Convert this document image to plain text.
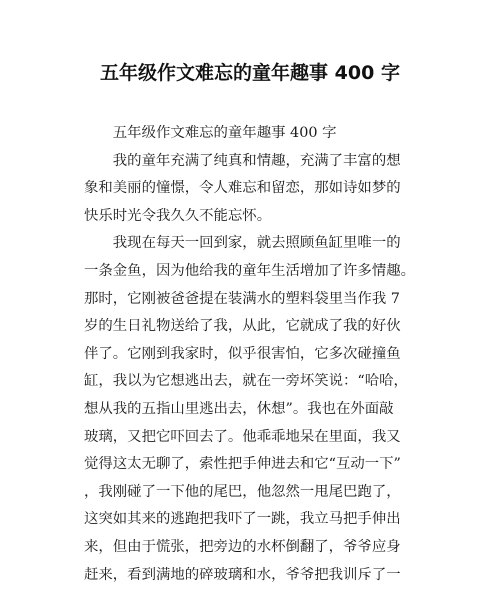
五年级作文难忘的童年趣事 400 字
　　五年级作文难忘的童年趣事 400 字
　　我的童年充满了纯真和情趣，充满了丰富的想
象和美丽的憧憬，令人难忘和留恋，那如诗如梦的
快乐时光令我久久不能忘怀。
　　我现在每天一回到家，就去照顾鱼缸里唯一的
一条金鱼，因为他给我的童年生活增加了许多情趣。
那时，它刚被爸爸提在装满水的塑料袋里当作我 7
岁的生日礼物送给了我，从此，它就成了我的好伙
伴了。它刚到我家时，似乎很害怕，它多次碰撞鱼
缸，我以为它想逃出去，就在一旁坏笑说：“哈哈，
想从我的五指山里逃出去，休想”。我也在外面敲
玻璃，又把它吓回去了。他乖乖地呆在里面，我又
觉得这太无聊了，索性把手伸进去和它“互动一下”
，我刚碰了一下他的尾巴，他忽然一甩尾巴跑了，
这突如其来的逃跑把我吓了一跳，我立马把手伸出
来，但由于慌张，把旁边的水杯倒翻了，爷爷应身
赶来，看到满地的碎玻璃和水，爷爷把我训斥了一
